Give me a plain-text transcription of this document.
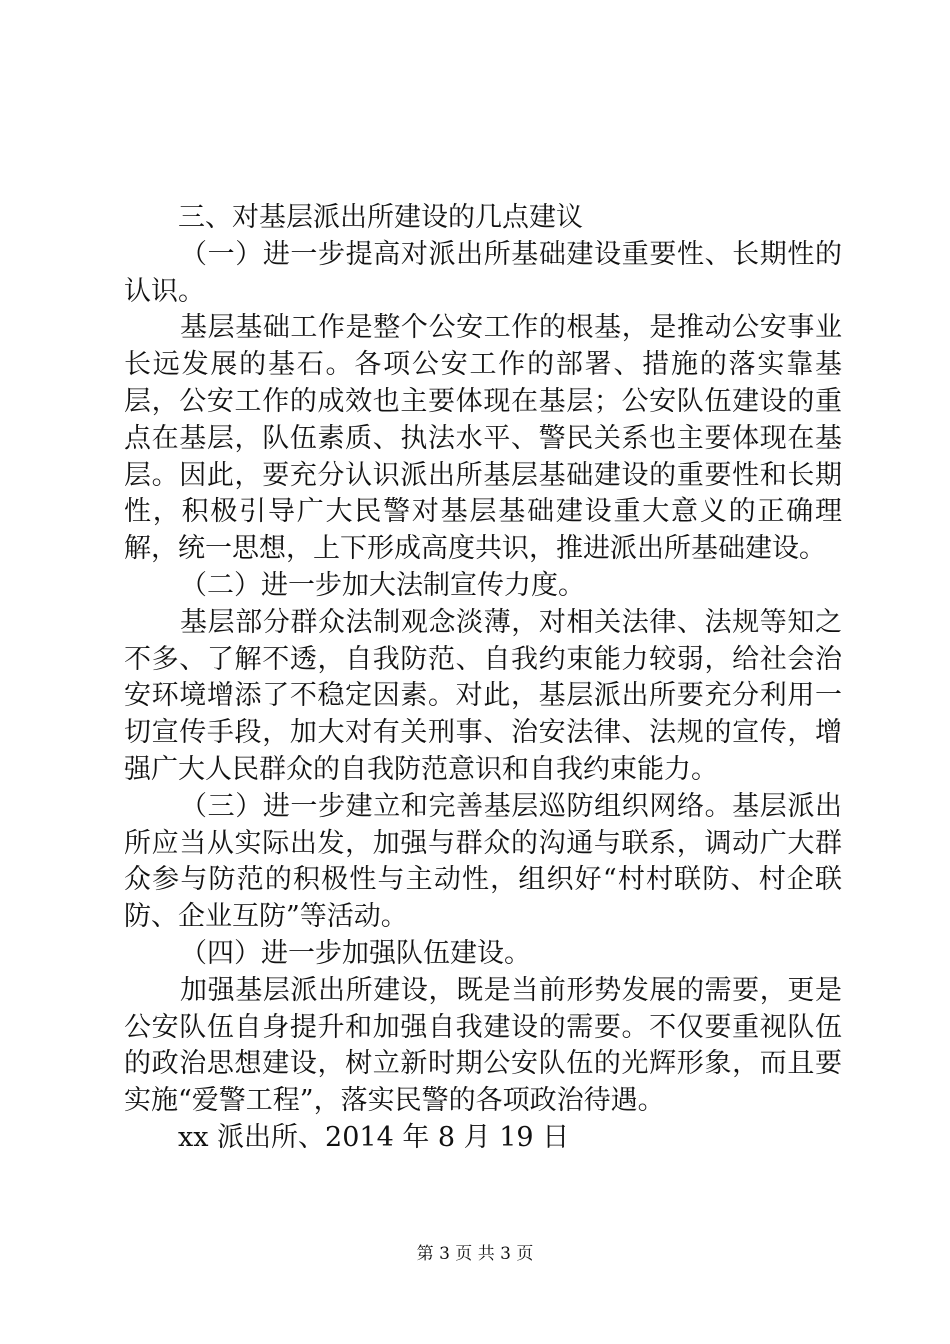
三、对基层派出所建设的几点建议

（一）进一步提高对派出所基础建设重要性、长期性的认识。

基层基础工作是整个公安工作的根基，是推动公安事业长远发展的基石。各项公安工作的部署、措施的落实靠基层，公安工作的成效也主要体现在基层；公安队伍建设的重点在基层，队伍素质、执法水平、警民关系也主要体现在基层。因此，要充分认识派出所基层基础建设的重要性和长期性，积极引导广大民警对基层基础建设重大意义的正确理解，统一思想，上下形成高度共识，推进派出所基础建设。

（二）进一步加大法制宣传力度。

基层部分群众法制观念淡薄，对相关法律、法规等知之不多、了解不透，自我防范、自我约束能力较弱，给社会治安环境增添了不稳定因素。对此，基层派出所要充分利用一切宣传手段，加大对有关刑事、治安法律、法规的宣传，增强广大人民群众的自我防范意识和自我约束能力。

（三）进一步建立和完善基层巡防组织网络。基层派出所应当从实际出发，加强与群众的沟通与联系，调动广大群众参与防范的积极性与主动性，组织好“村村联防、村企联防、企业互防”等活动。

（四）进一步加强队伍建设。

加强基层派出所建设，既是当前形势发展的需要，更是公安队伍自身提升和加强自我建设的需要。不仅要重视队伍的政治思想建设，树立新时期公安队伍的光辉形象，而且要实施“爱警工程”，落实民警的各项政治待遇。

xx 派出所、2014 年 8 月 19 日

第 3 页 共 3 页
